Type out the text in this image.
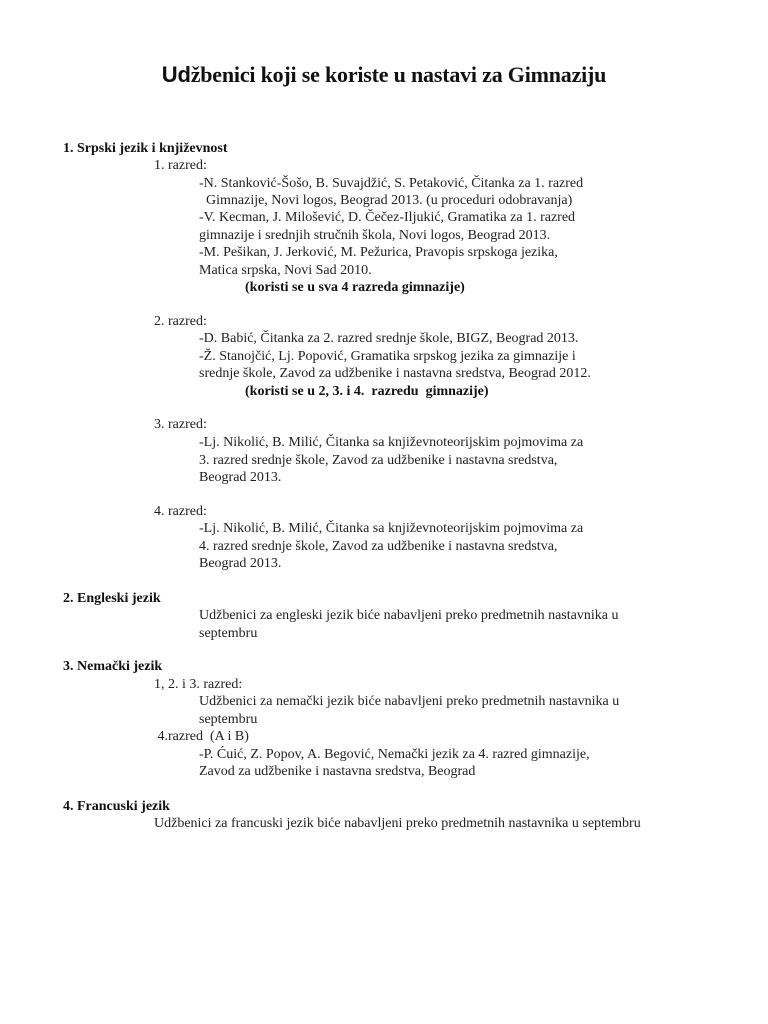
Udžbenici koji se koriste u nastavi za Gimnaziju
1. Srpski jezik i književnost
1. razred:
-N. Stanković-Šošo, B. Suvajdžić, S. Petaković, Čitanka za 1. razred
Gimnazije, Novi logos, Beograd 2013. (u proceduri odobravanja)
-V. Kecman, J. Milošević, D. Čečez-Iljukić, Gramatika za 1. razred
gimnazije i srednjih stručnih škola, Novi logos, Beograd 2013.
-M. Pešikan, J. Jerković, M. Pežurica, Pravopis srpskoga jezika,
Matica srpska, Novi Sad 2010.
(koristi se u sva 4 razreda gimnazije)
2. razred:
-D. Babić, Čitanka za 2. razred srednje škole, BIGZ, Beograd 2013.
-Ž. Stanojčić, Lj. Popović, Gramatika srpskog jezika za gimnazije i
srednje škole, Zavod za udžbenike i nastavna sredstva, Beograd 2012.
(koristi se u 2, 3. i 4.  razredu  gimnazije)
3. razred:
-Lj. Nikolić, B. Milić, Čitanka sa književnoteorijskim pojmovima za
3. razred srednje škole, Zavod za udžbenike i nastavna sredstva,
Beograd 2013.
4. razred:
-Lj. Nikolić, B. Milić, Čitanka sa književnoteorijskim pojmovima za
4. razred srednje škole, Zavod za udžbenike i nastavna sredstva,
Beograd 2013.
2. Engleski jezik
Udžbenici za engleski jezik biće nabavljeni preko predmetnih nastavnika u
septembru
3. Nemački jezik
1, 2. i 3. razred:
Udžbenici za nemački jezik biće nabavljeni preko predmetnih nastavnika u
septembru
4.razred  (A i B)
-P. Ćuić, Z. Popov, A. Begović, Nemački jezik za 4. razred gimnazije,
Zavod za udžbenike i nastavna sredstva, Beograd
4. Francuski jezik
Udžbenici za francuski jezik biće nabavljeni preko predmetnih nastavnika u septembru
